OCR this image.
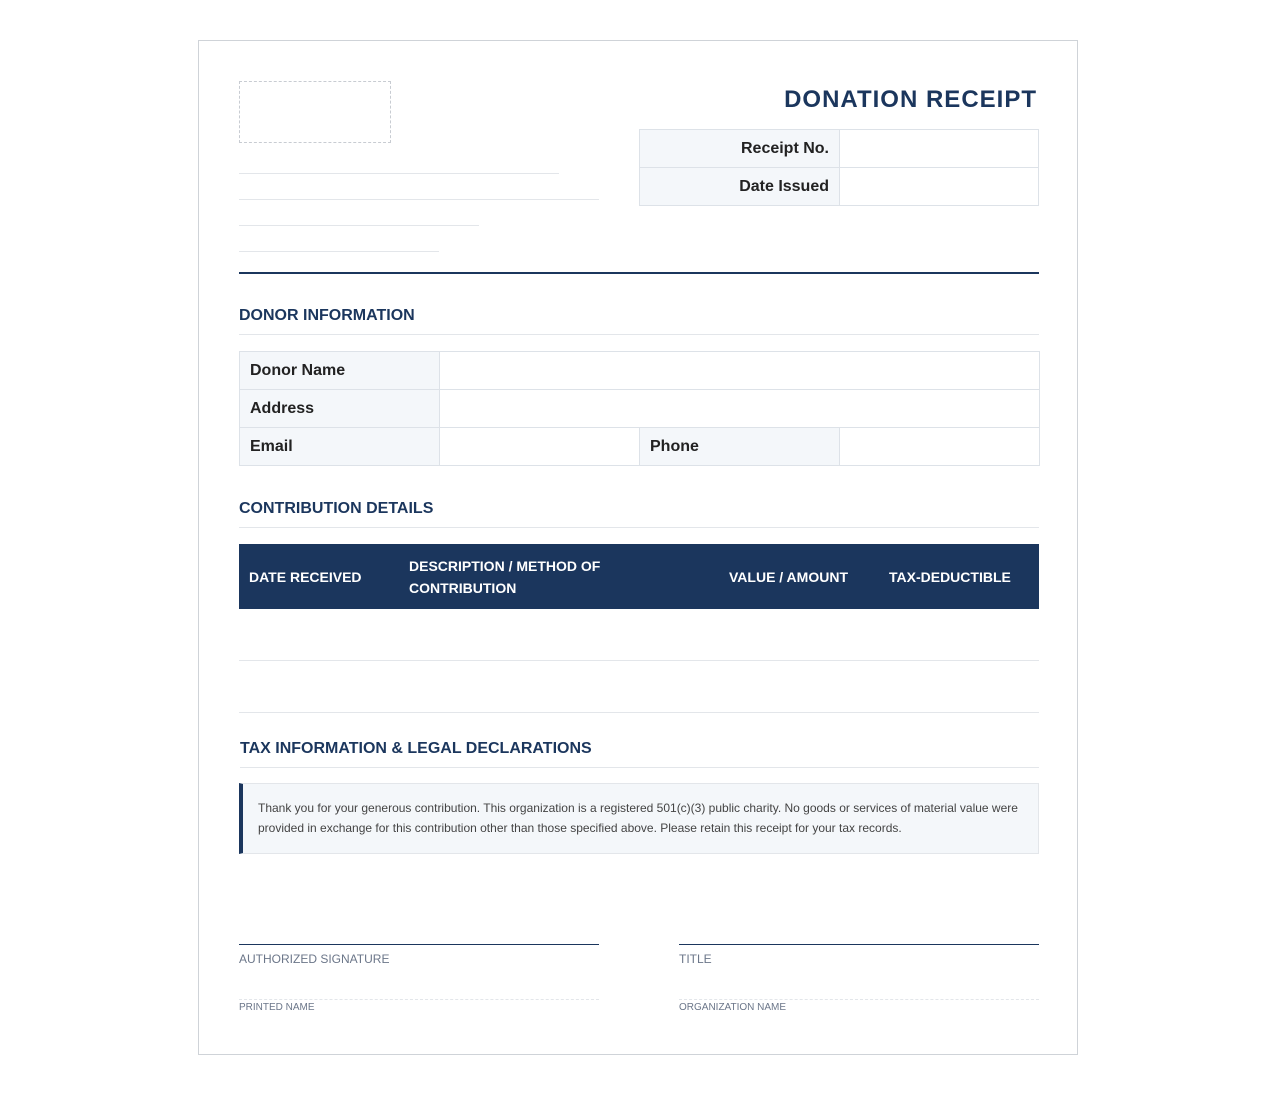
DONATION RECEIPT
Receipt No.	
Date Issued	
DONOR INFORMATION
Donor Name			
Address			
Email		Phone	
CONTRIBUTION DETAILS
DATE RECEIVED	DESCRIPTION / METHOD OF CONTRIBUTION	VALUE / AMOUNT	TAX-DEDUCTIBLE

TAX INFORMATION & LEGAL DECLARATIONS
Thank you for your generous contribution. This organization is a registered 501(c)(3) public charity. No goods or services of material value were provided in exchange for this contribution other than those specified above. Please retain this receipt for your tax records.
AUTHORIZED SIGNATURE	TITLE
PRINTED NAME	ORGANIZATION NAME
